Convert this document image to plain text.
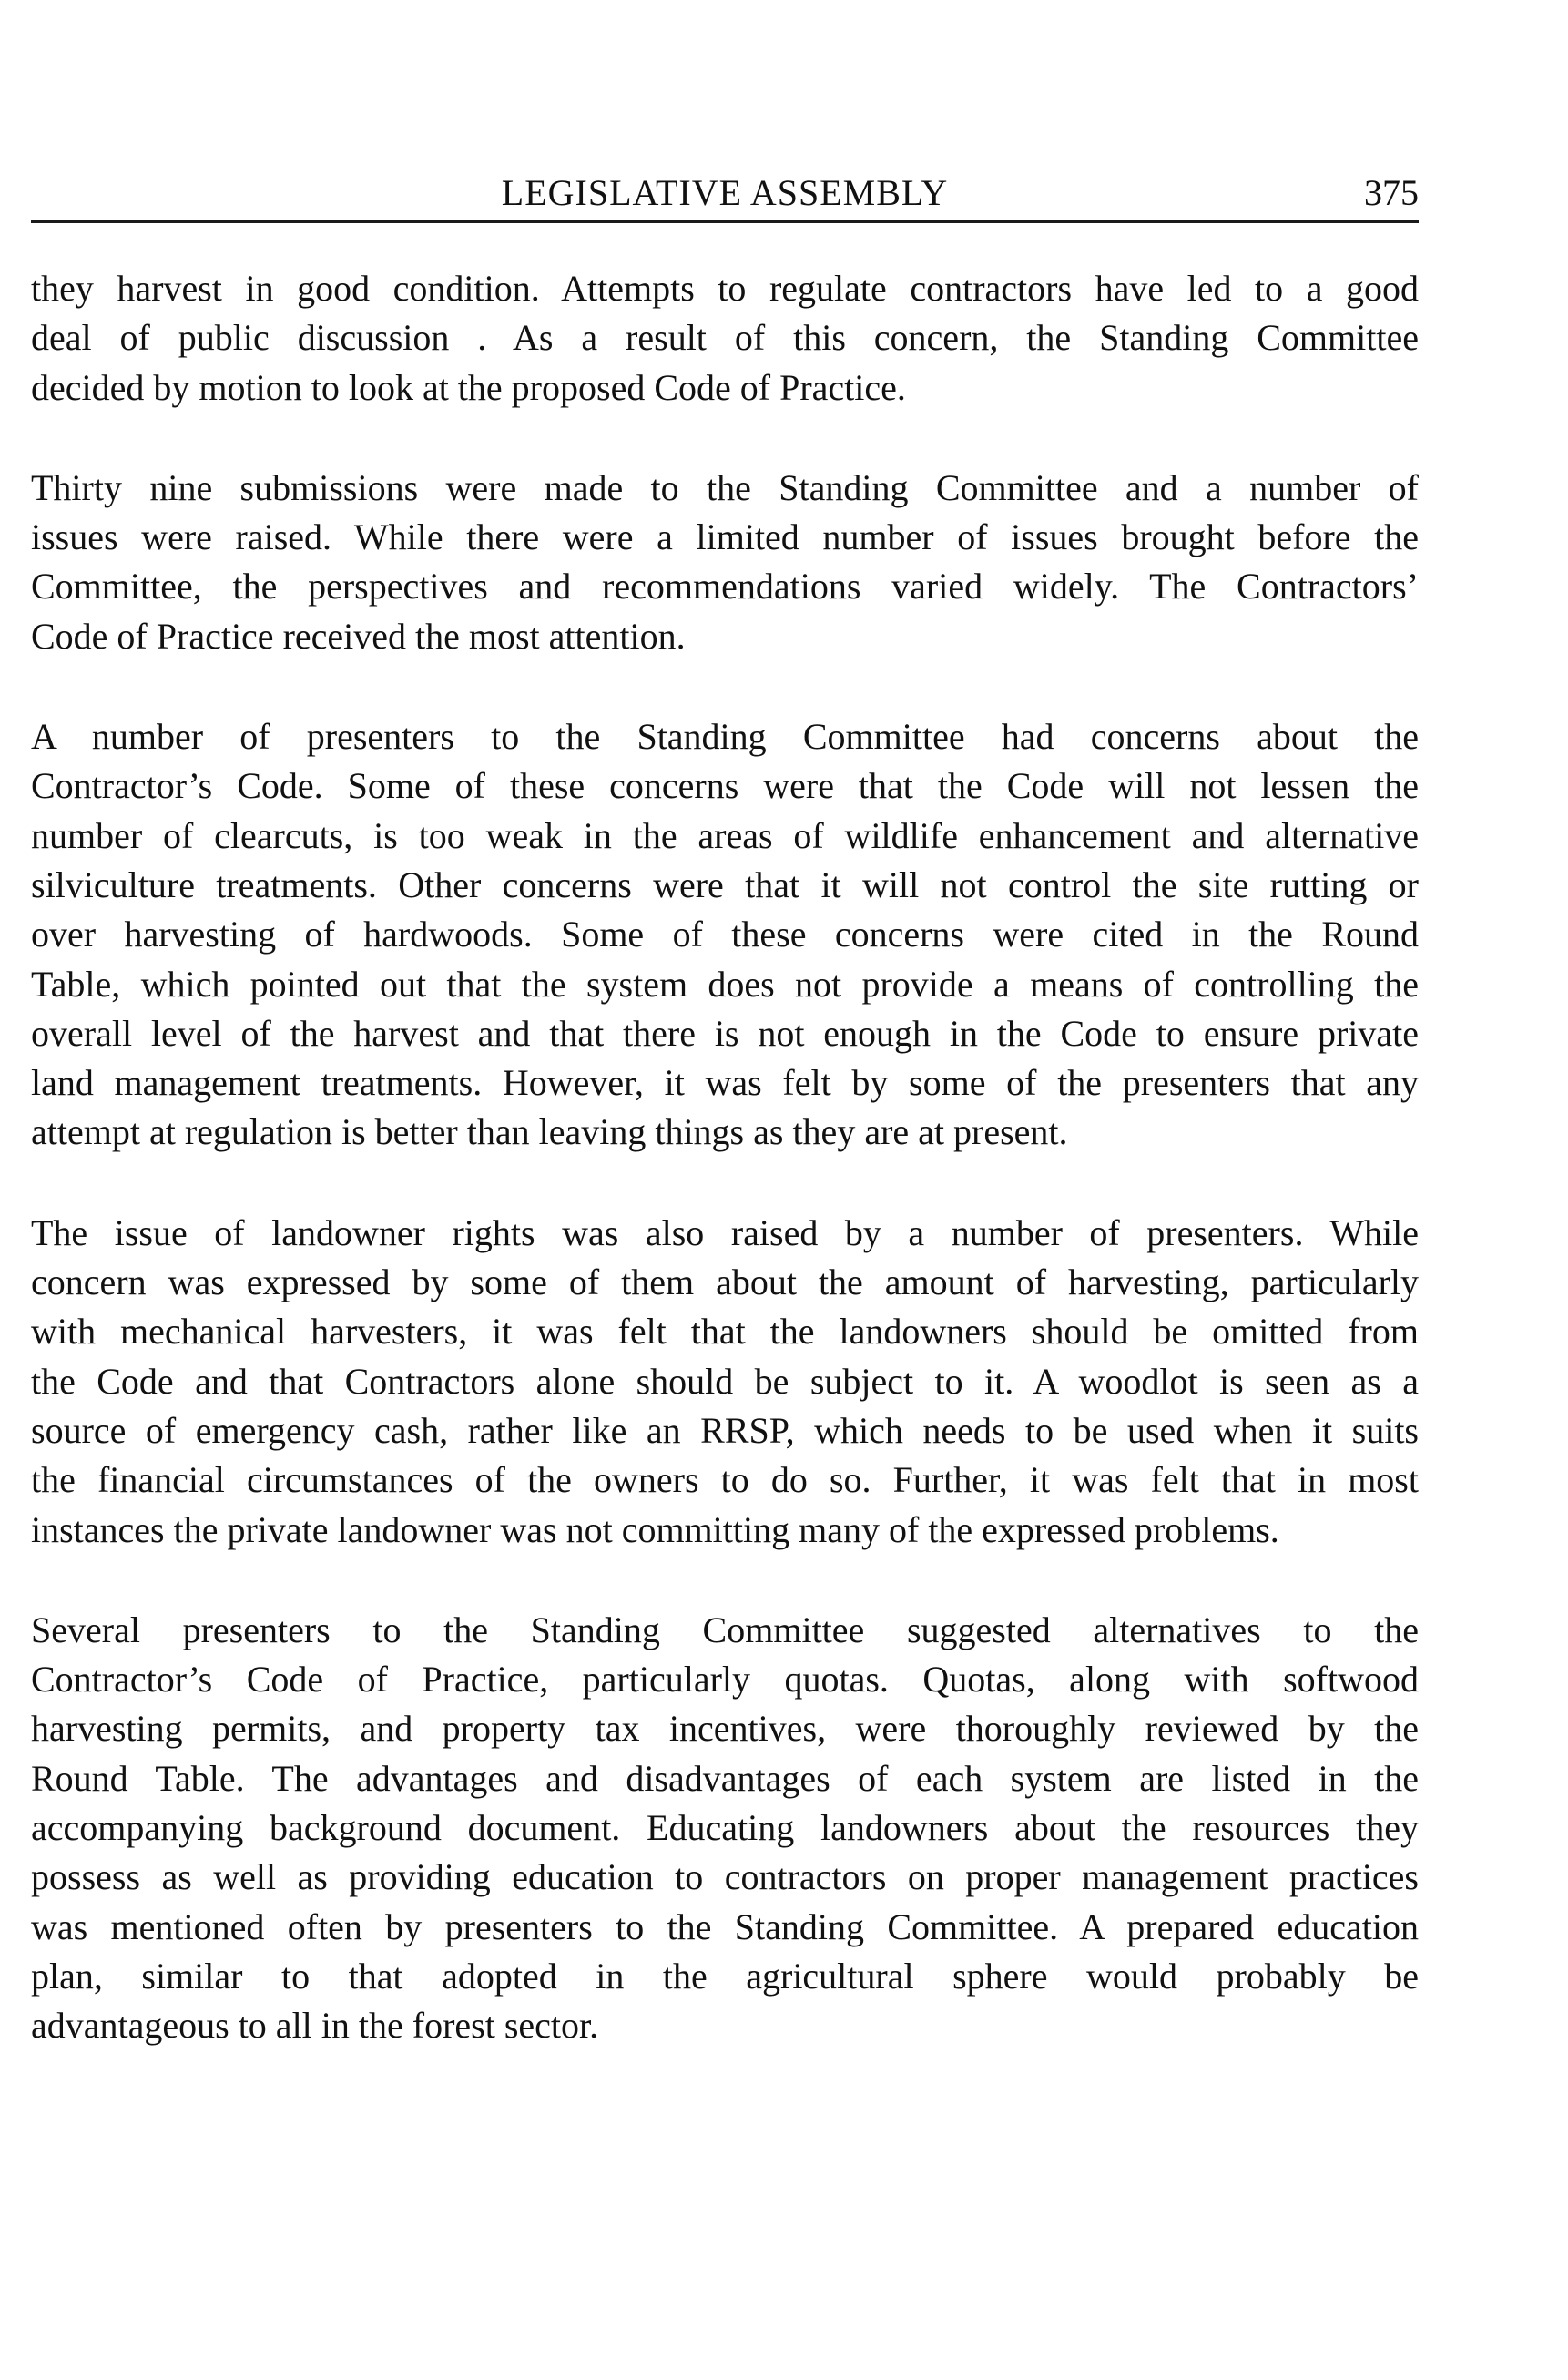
LEGISLATIVE ASSEMBLY	375

they harvest in good condition. Attempts to regulate contractors have led to a good
deal of public discussion . As a result of this concern, the Standing Committee
decided by motion to look at the proposed Code of Practice.

Thirty nine submissions were made to the Standing Committee and a number of
issues were raised. While there were a limited number of issues brought before the
Committee, the perspectives and recommendations varied widely. The Contractors’
Code of Practice received the most attention.

A number of presenters to the Standing Committee had concerns about the
Contractor’s Code. Some of these concerns were that the Code will not lessen the
number of clearcuts, is too weak in the areas of wildlife enhancement and alternative
silviculture treatments. Other concerns were that it will not control the site rutting or
over harvesting of hardwoods. Some of these concerns were cited in the Round
Table, which pointed out that the system does not provide a means of controlling the
overall level of the harvest and that there is not enough in the Code to ensure private
land management treatments. However, it was felt by some of the presenters that any
attempt at regulation is better than leaving things as they are at present.

The issue of landowner rights was also raised by a number of presenters. While
concern was expressed by some of them about the amount of harvesting, particularly
with mechanical harvesters, it was felt that the landowners should be omitted from
the Code and that Contractors alone should be subject to it. A woodlot is seen as a
source of emergency cash, rather like an RRSP, which needs to be used when it suits
the financial circumstances of the owners to do so. Further, it was felt that in most
instances the private landowner was not committing many of the expressed problems.

Several presenters to the Standing Committee suggested alternatives to the
Contractor’s Code of Practice, particularly quotas. Quotas, along with softwood
harvesting permits, and property tax incentives, were thoroughly reviewed by the
Round Table. The advantages and disadvantages of each system are listed in the
accompanying background document. Educating landowners about the resources they
possess as well as providing education to contractors on proper management practices
was mentioned often by presenters to the Standing Committee. A prepared education
plan, similar to that adopted in the agricultural sphere would probably be
advantageous to all in the forest sector.
